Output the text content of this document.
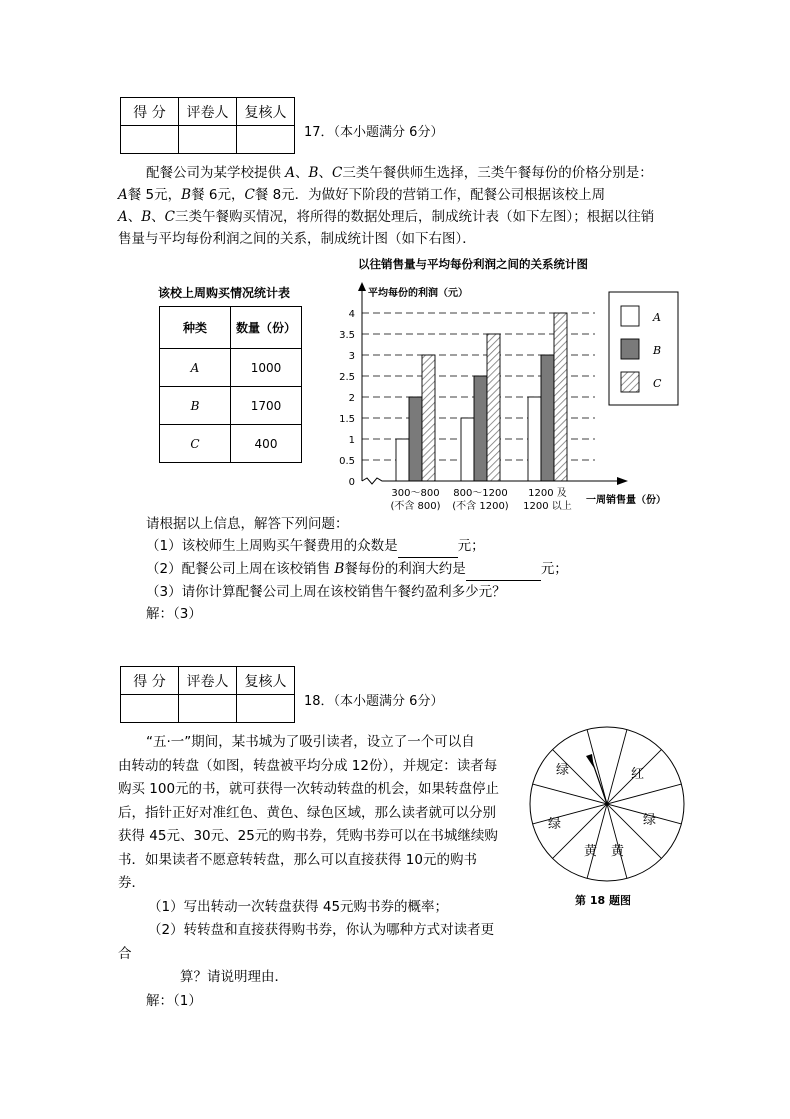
得 分	评卷人	复核人

17．（本小题满分 6分）

配餐公司为某学校提供 A、B、C三类午餐供师生选择，三类午餐每份的价格分别是：

A餐 5元，B餐 6元，C餐 8元．为做好下阶段的营销工作，配餐公司根据该校上周

A、B、C三类午餐购买情况，将所得的数据处理后，制成统计表（如下左图）；根据以往销

售量与平均每份利润之间的关系，制成统计图（如下右图）．

该校上周购买情况统计表
种类	数量（份）
A	1000
B	1700
C	400
以往销售量与平均每份利润之间的关系统计图
平均每份的利润（元）
0
0.5
1
1.5
2
2.5
3
3.5
4
300～800
(不含 800)
800～1200
(不含 1200)
1200 及
1200 以上
一周销售量（份）
A
B
C

请根据以上信息，解答下列问题：

（1）该校师生上周购买午餐费用的众数是	元；

（2）配餐公司上周在该校销售 B餐每份的利润大约是	元；

（3）请你计算配餐公司上周在该校销售午餐约盈利多少元？

解：（3）

得 分	评卷人	复核人

18．（本小题满分 6分）

“五·一”期间，某书城为了吸引读者，设立了一个可以自

由转动的转盘（如图，转盘被平均分成 12份），并规定：读者每

购买 100元的书，就可获得一次转动转盘的机会，如果转盘停止

后，指针正好对准红色、黄色、绿色区域，那么读者就可以分别

获得 45元、30元、25元的购书券，凭购书券可以在书城继续购

书．如果读者不愿意转转盘，那么可以直接获得 10元的购书

券．

（1）写出转动一次转盘获得 45元购书券的概率；

（2）转转盘和直接获得购书券，你认为哪种方式对读者更

合

算？请说明理由．

解：（1）

绿	红
绿	绿
黄 黄
第 18 题图
